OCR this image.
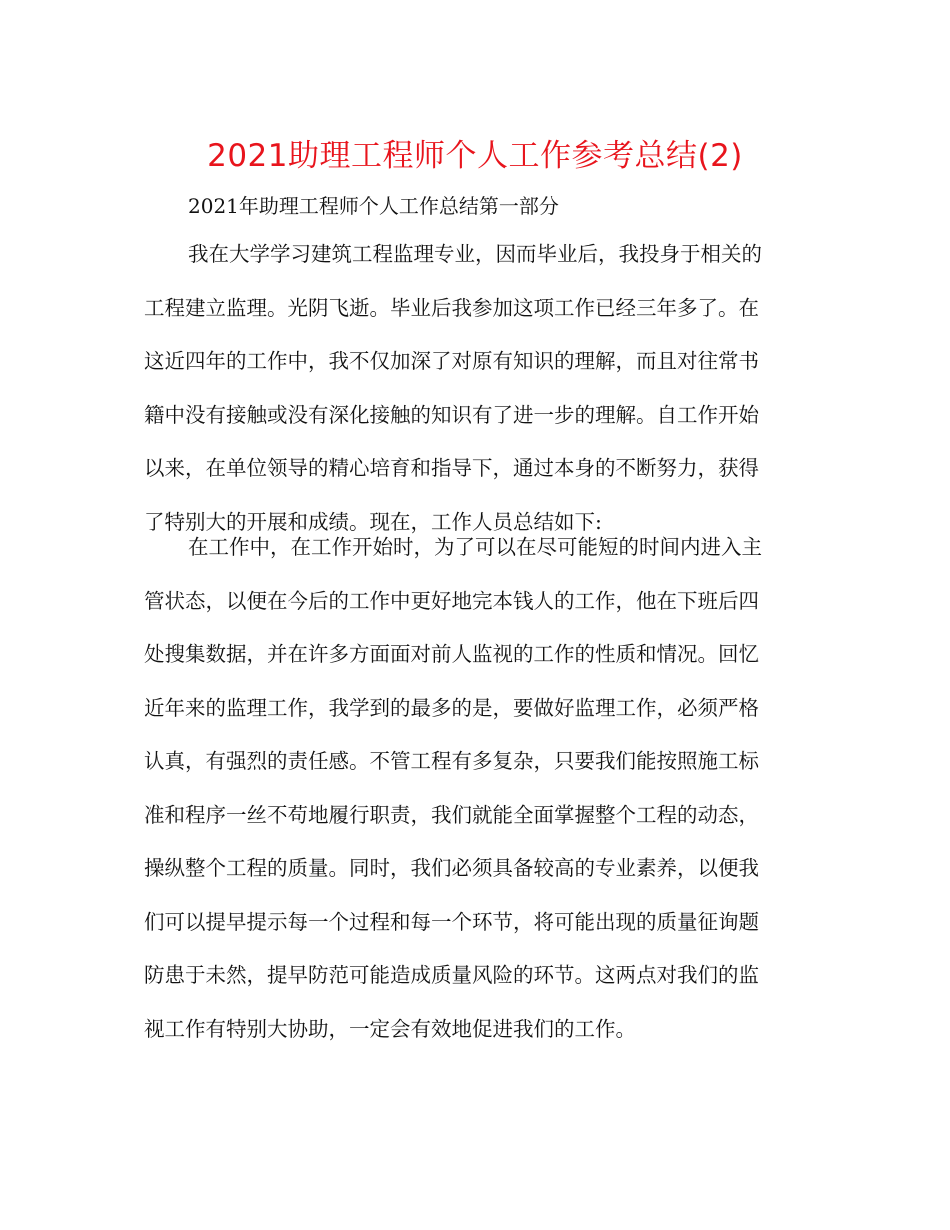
2021助理工程师个人工作参考总结(2)
2021年助理工程师个人工作总结第一部分
我在大学学习建筑工程监理专业，因而毕业后，我投身于相关的
工程建立监理。光阴飞逝。毕业后我参加这项工作已经三年多了。在
这近四年的工作中，我不仅加深了对原有知识的理解，而且对往常书
籍中没有接触或没有深化接触的知识有了进一步的理解。自工作开始
以来，在单位领导的精心培育和指导下，通过本身的不断努力，获得
了特别大的开展和成绩。现在，工作人员总结如下:
在工作中，在工作开始时，为了可以在尽可能短的时间内进入主
管状态，以便在今后的工作中更好地完本钱人的工作，他在下班后四
处搜集数据，并在许多方面面对前人监视的工作的性质和情况。回忆
近年来的监理工作，我学到的最多的是，要做好监理工作，必须严格
认真，有强烈的责任感。不管工程有多复杂，只要我们能按照施工标
准和程序一丝不苟地履行职责，我们就能全面掌握整个工程的动态，
操纵整个工程的质量。同时，我们必须具备较高的专业素养，以便我
们可以提早提示每一个过程和每一个环节，将可能出现的质量征询题
防患于未然，提早防范可能造成质量风险的环节。这两点对我们的监
视工作有特别大协助，一定会有效地促进我们的工作。
